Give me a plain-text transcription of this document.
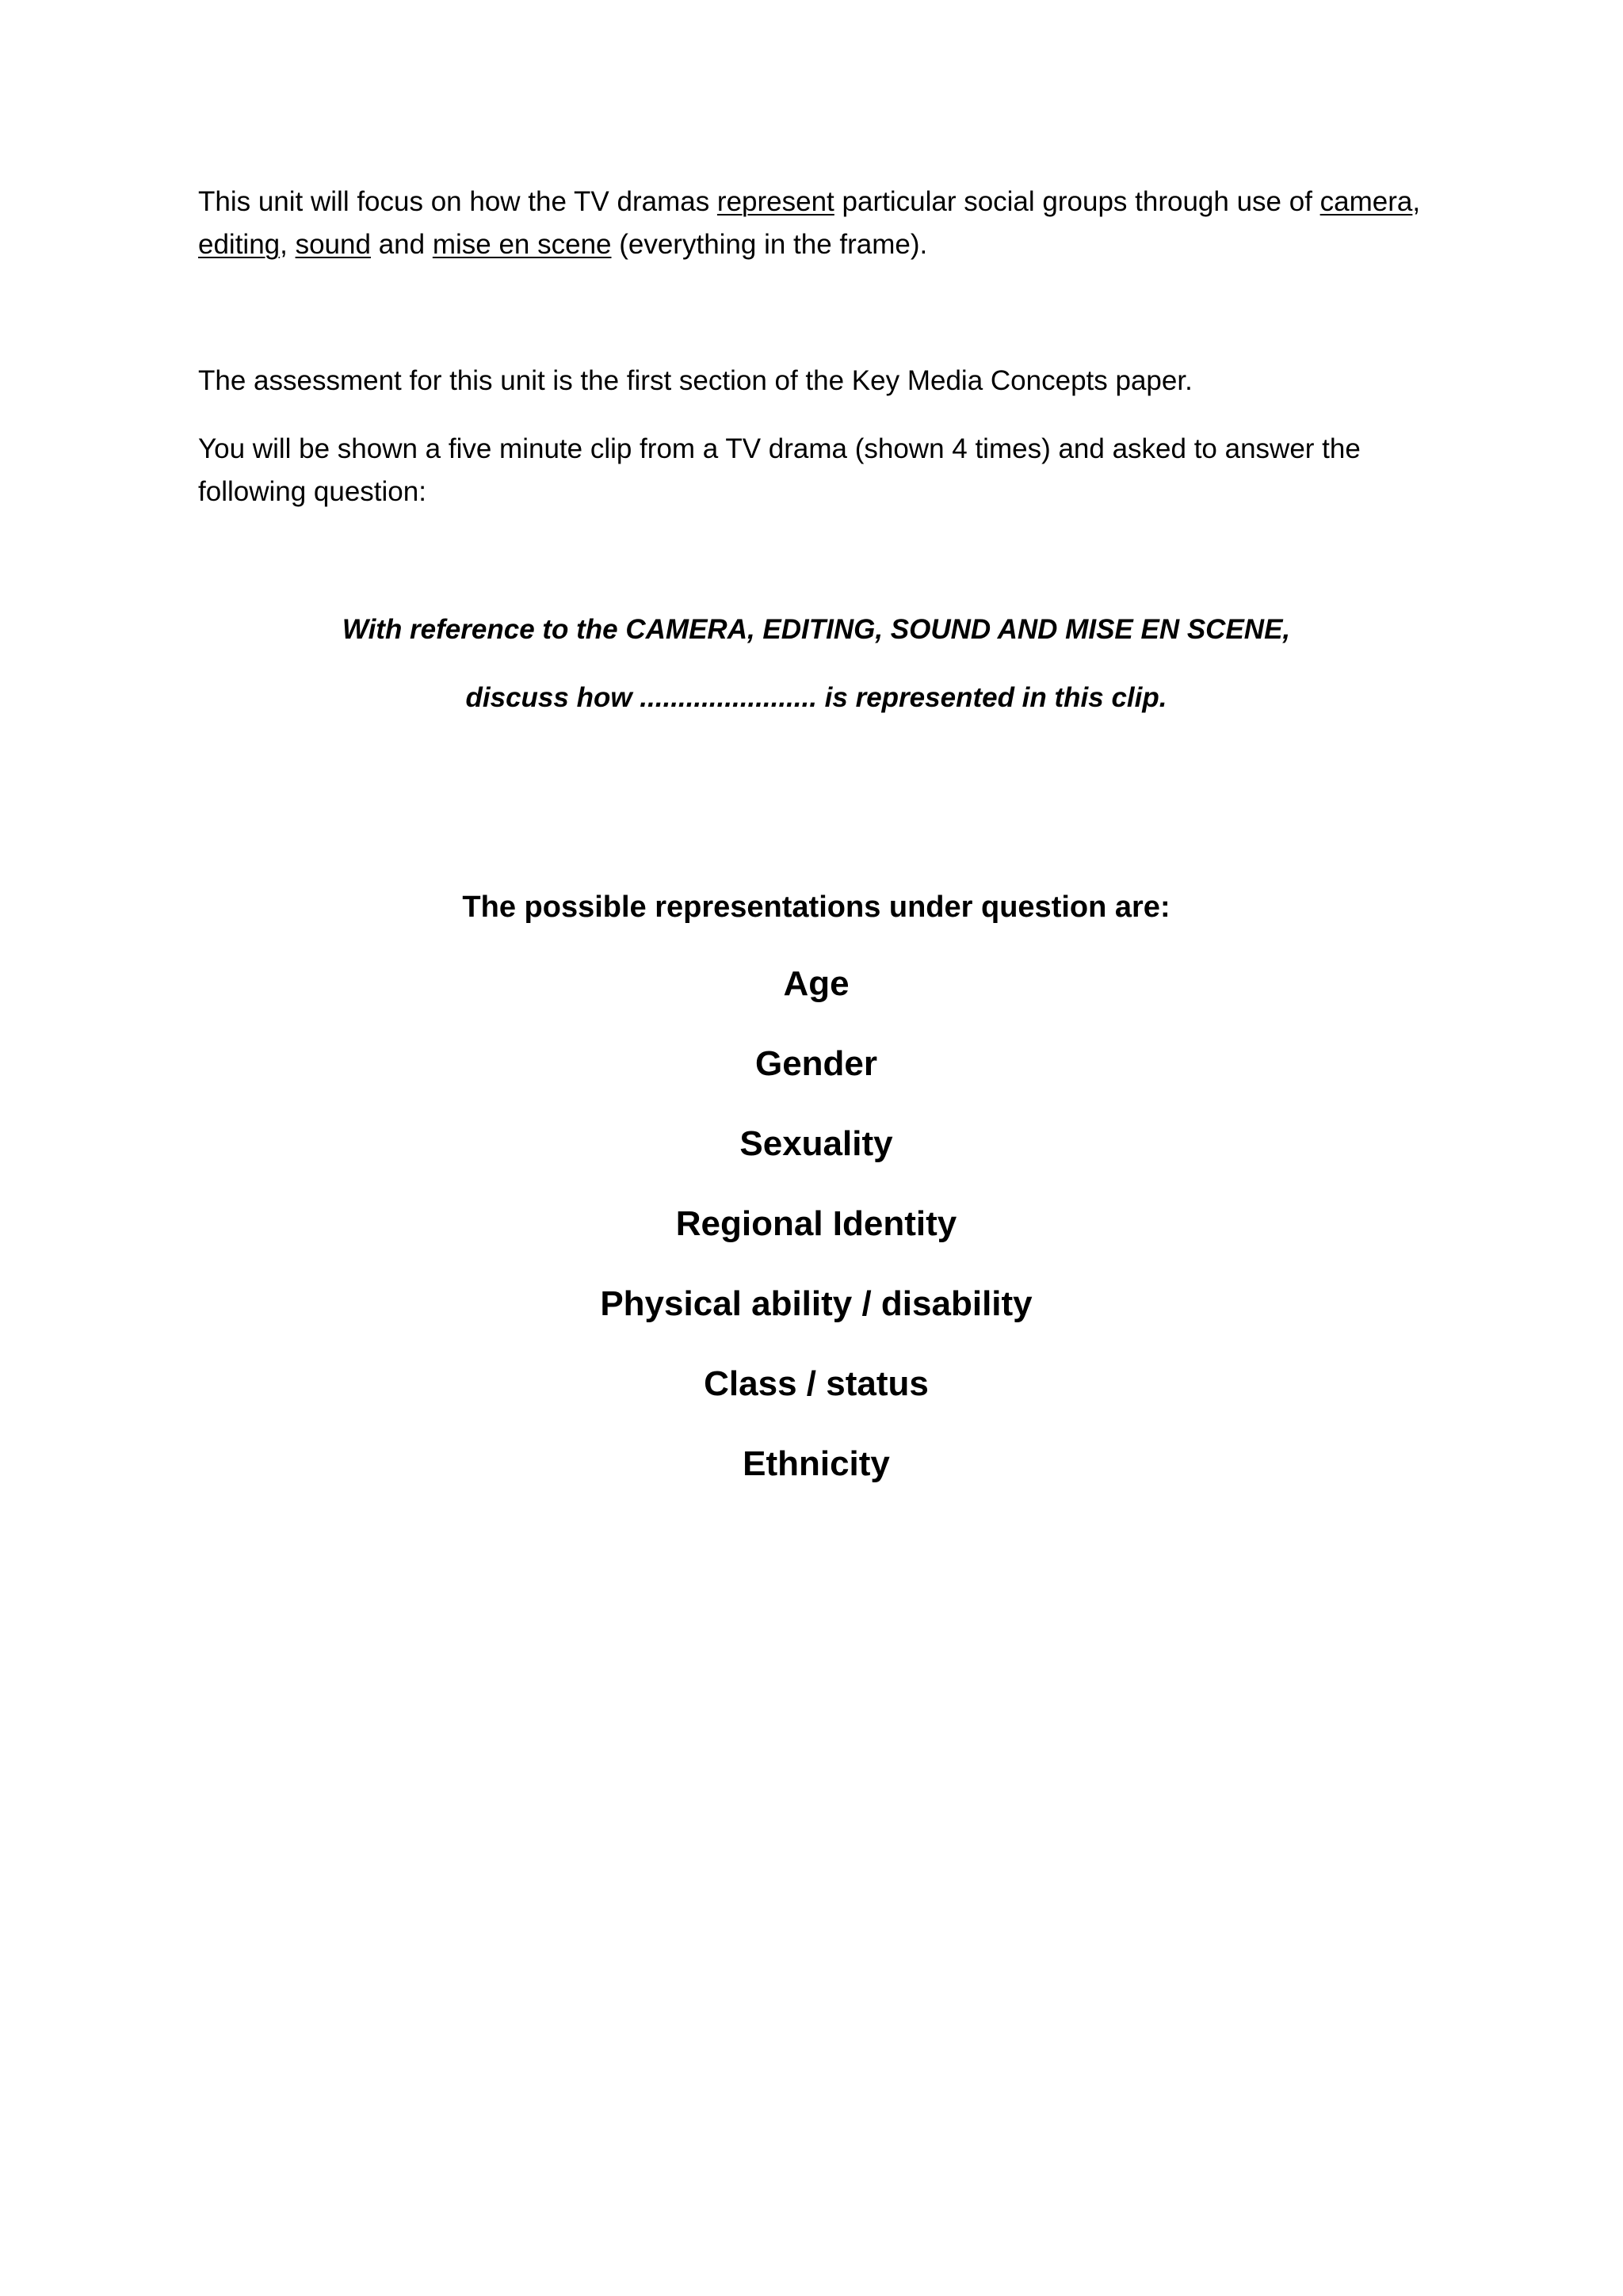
This unit will focus on how the TV dramas represent particular social groups through use of camera, editing, sound and mise en scene (everything in the frame).

The assessment for this unit is the first section of the Key Media Concepts paper.

You will be shown a five minute clip from a TV drama (shown 4 times) and asked to answer the following question:

With reference to the CAMERA, EDITING, SOUND AND MISE EN SCENE,

discuss how ....................... is represented in this clip.

The possible representations under question are:

Age
Gender
Sexuality
Regional Identity
Physical ability / disability
Class / status
Ethnicity
